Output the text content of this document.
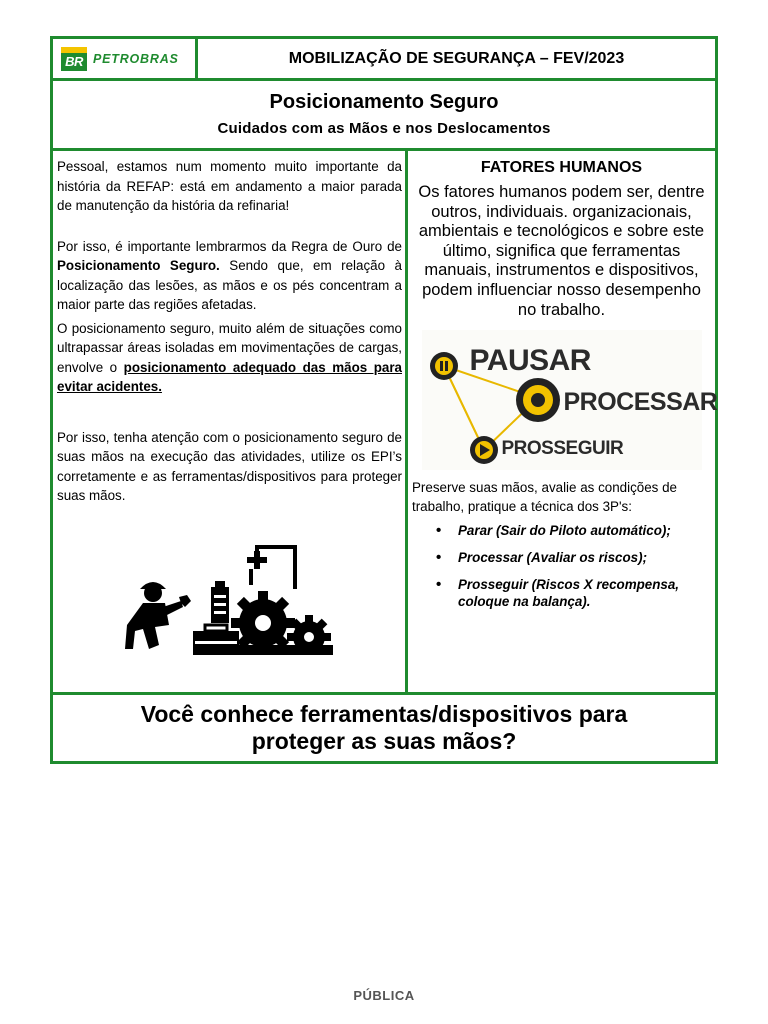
BR PETROBRAS	MOBILIZAÇÃO DE SEGURANÇA – FEV/2023
Posicionamento Seguro
Cuidados com as Mãos e nos Deslocamentos

Pessoal, estamos num momento muito importante da história da REFAP: está em andamento a maior parada de manutenção da história da refinaria!

Por isso, é importante lembrarmos da Regra de Ouro de Posicionamento Seguro. Sendo que, em relação à localização das lesões, as mãos e os pés concentram a maior parte das regiões afetadas.

O posicionamento seguro, muito além de situações como ultrapassar áreas isoladas em movimentações de cargas, envolve o posicionamento adequado das mãos para evitar acidentes.

Por isso, tenha atenção com o posicionamento seguro de suas mãos na execução das atividades, utilize os EPI’s corretamente e as ferramentas/dispositivos para proteger suas mãos.

FATORES HUMANOS

Os fatores humanos podem ser, dentre outros, individuais. organizacionais, ambientais e tecnológicos e sobre este último, significa que ferramentas manuais, instrumentos e dispositivos, podem influenciar nosso desempenho no trabalho.

PAUSAR
PROCESSAR
PROSSEGUIR

Preserve suas mãos, avalie as condições de trabalho, pratique a técnica dos 3P's:

• Parar (Sair do Piloto automático);
• Processar (Avaliar os riscos);
• Prosseguir (Riscos X recompensa, coloque na balança).
Você conhece ferramentas/dispositivos para proteger as suas mãos?
PÚBLICA
